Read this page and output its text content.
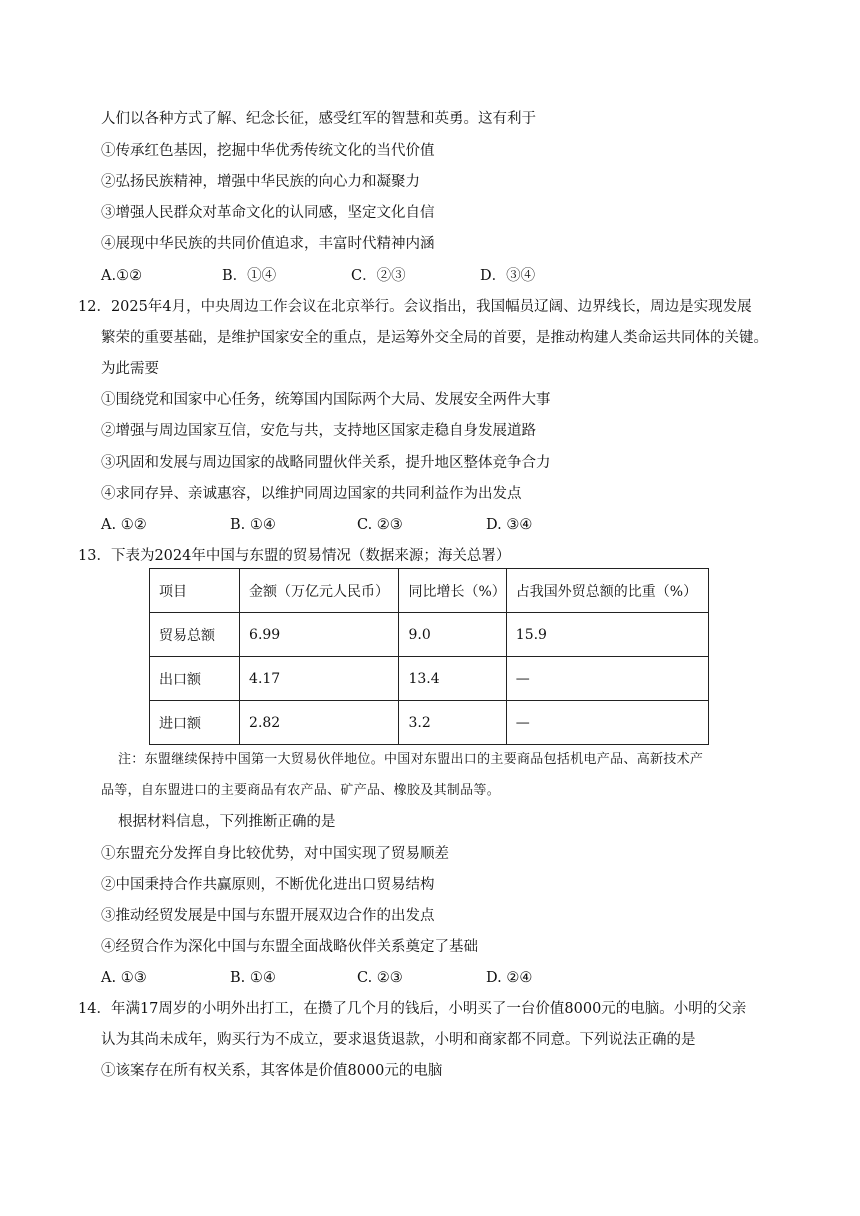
人们以各种方式了解、纪念长征，感受红军的智慧和英勇。这有利于
①传承红色基因，挖掘中华优秀传统文化的当代价值
②弘扬民族精神，增强中华民族的向心力和凝聚力
③增强人民群众对革命文化的认同感，坚定文化自信
④展现中华民族的共同价值追求，丰富时代精神内涵
A.①②	B．①④	C．②③	D．③④
12．2025年4月，中央周边工作会议在北京举行。会议指出，我国幅员辽阔、边界线长，周边是实现发展
繁荣的重要基础，是维护国家安全的重点，是运筹外交全局的首要，是推动构建人类命运共同体的关键。
为此需要
①围绕党和国家中心任务，统筹国内国际两个大局、发展安全两件大事
②增强与周边国家互信，安危与共，支持地区国家走稳自身发展道路
③巩固和发展与周边国家的战略同盟伙伴关系，提升地区整体竞争合力
④求同存异、亲诚惠容，以维护同周边国家的共同利益作为出发点
A. ①②	B. ①④	C. ②③	D. ③④
13．下表为2024年中国与东盟的贸易情况（数据来源；海关总署）
项目	金额（万亿元人民币）	同比增长（%）	占我国外贸总额的比重（%）
贸易总额	6.99	9.0	15.9
出口额	4.17	13.4	—
进口额	2.82	3.2	—
注：东盟继续保持中国第一大贸易伙伴地位。中国对东盟出口的主要商品包括机电产品、高新技术产
品等，自东盟进口的主要商品有农产品、矿产品、橡胶及其制品等。
根据材料信息，下列推断正确的是
①东盟充分发挥自身比较优势，对中国实现了贸易顺差
②中国秉持合作共赢原则，不断优化进出口贸易结构
③推动经贸发展是中国与东盟开展双边合作的出发点
④经贸合作为深化中国与东盟全面战略伙伴关系奠定了基础
A. ①③	B. ①④	C. ②③	D. ②④
14．年满17周岁的小明外出打工，在攒了几个月的钱后，小明买了一台价值8000元的电脑。小明的父亲
认为其尚未成年，购买行为不成立，要求退货退款，小明和商家都不同意。下列说法正确的是
①该案存在所有权关系，其客体是价值8000元的电脑
